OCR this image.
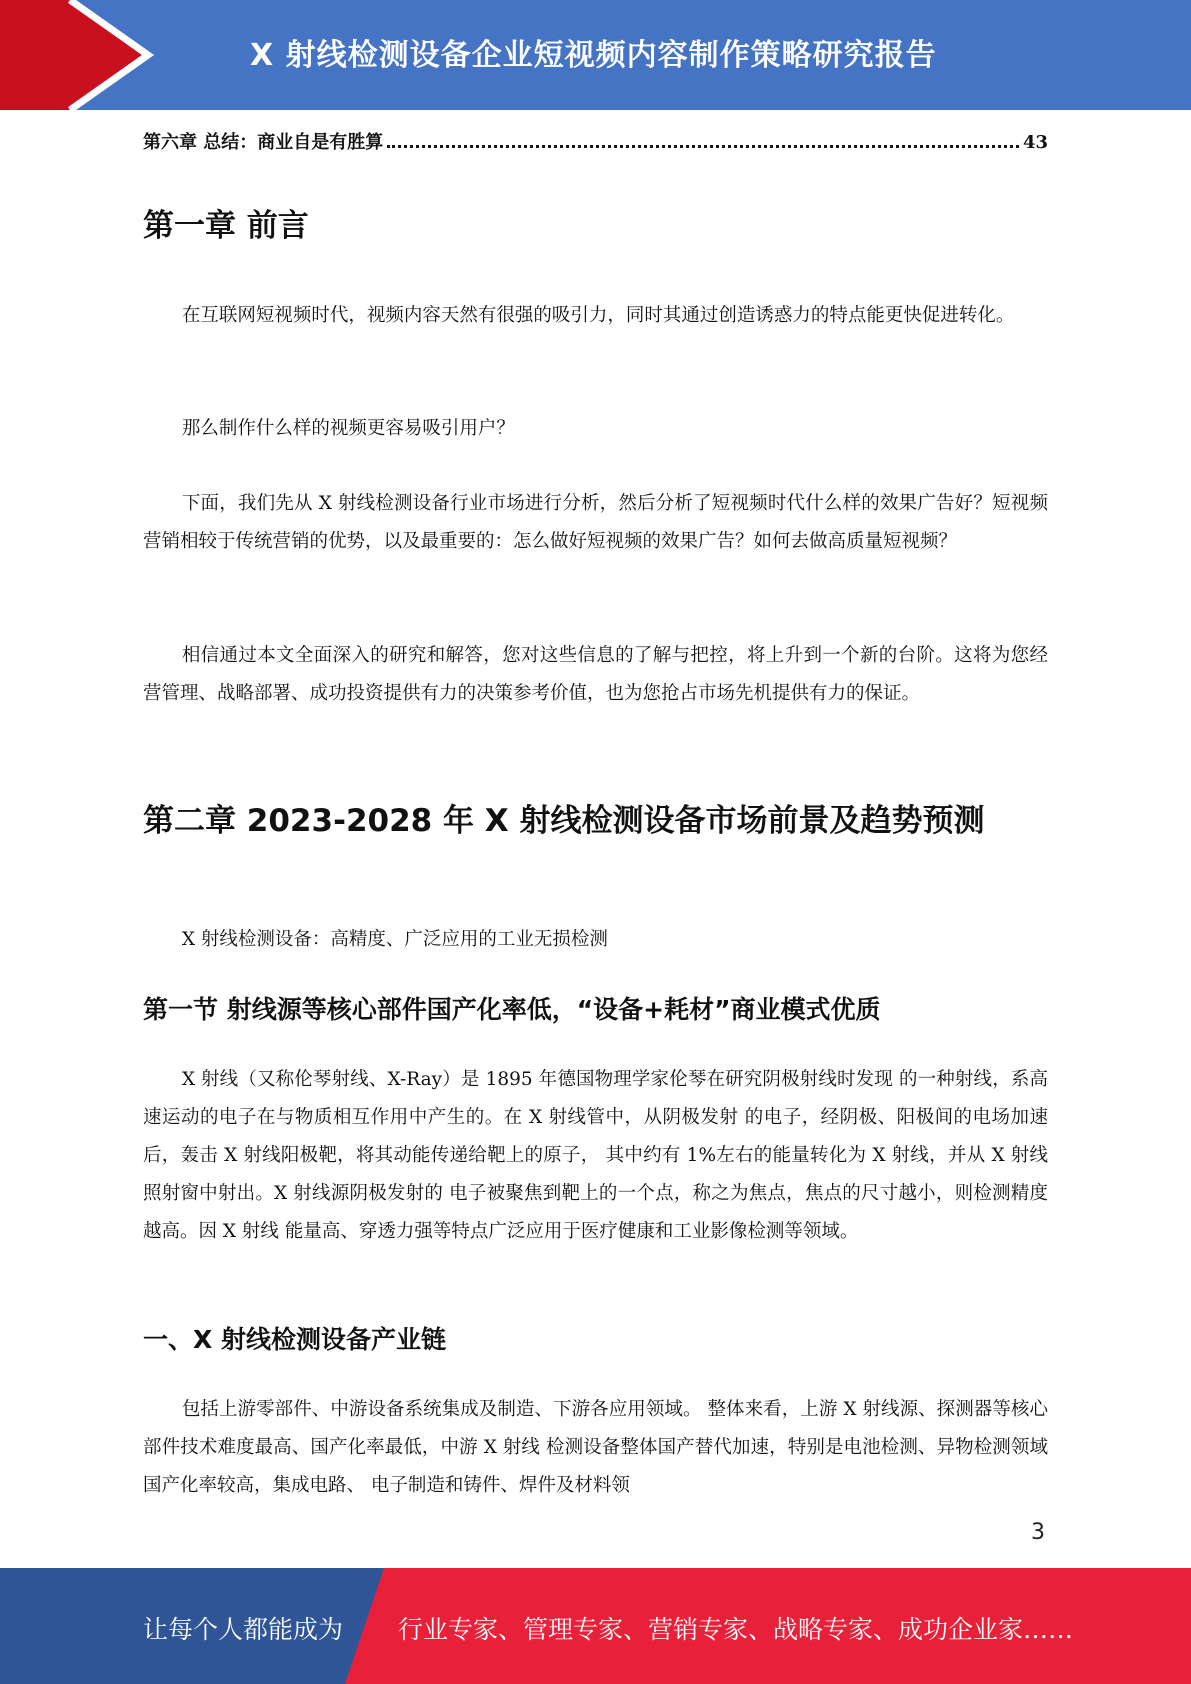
X 射线检测设备企业短视频内容制作策略研究报告
第六章 总结：商业自是有胜算	43
第一章 前言

在互联网短视频时代，视频内容天然有很强的吸引力，同时其通过创造诱惑力的特点能更快促进转化。

那么制作什么样的视频更容易吸引用户？

下面，我们先从 X 射线检测设备行业市场进行分析，然后分析了短视频时代什么样的效果广告好？短视频营销相较于传统营销的优势，以及最重要的：怎么做好短视频的效果广告？如何去做高质量短视频？

相信通过本文全面深入的研究和解答，您对这些信息的了解与把控，将上升到一个新的台阶。这将为您经营管理、战略部署、成功投资提供有力的决策参考价值，也为您抢占市场先机提供有力的保证。

第二章 2023-2028 年 X 射线检测设备市场前景及趋势预测

X 射线检测设备：高精度、广泛应用的工业无损检测

第一节 射线源等核心部件国产化率低，“设备+耗材”商业模式优质

X 射线（又称伦琴射线、X-Ray）是 1895 年德国物理学家伦琴在研究阴极射线时发现 的一种射线，系高速运动的电子在与物质相互作用中产生的。在 X 射线管中，从阴极发射 的电子，经阴极、阳极间的电场加速后，轰击 X 射线阳极靶，将其动能传递给靶上的原子， 其中约有 1%左右的能量转化为 X 射线，并从 X 射线照射窗中射出。X 射线源阴极发射的 电子被聚焦到靶上的一个点，称之为焦点，焦点的尺寸越小，则检测精度越高。因 X 射线 能量高、穿透力强等特点广泛应用于医疗健康和工业影像检测等领域。

一、X 射线检测设备产业链

包括上游零部件、中游设备系统集成及制造、下游各应用领域。 整体来看，上游 X 射线源、探测器等核心部件技术难度最高、国产化率最低，中游 X 射线 检测设备整体国产替代加速，特别是电池检测、异物检测领域国产化率较高，集成电路、 电子制造和铸件、焊件及材料领

3
让每个人都能成为 行业专家、管理专家、营销专家、战略专家、成功企业家……
